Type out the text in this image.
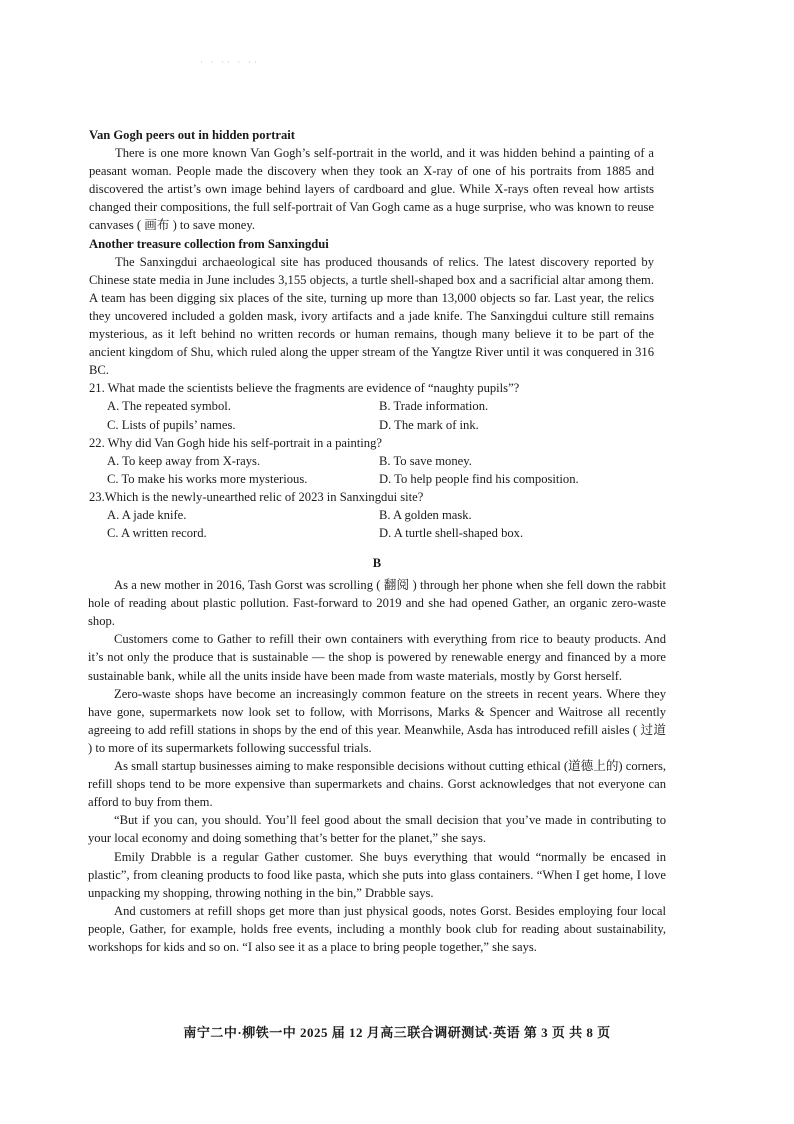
˙ ˙ ˙˙ ˙ ˙˙

Van Gogh peers out in hidden portrait

There is one more known Van Gogh’s self-portrait in the world, and it was hidden behind a painting of a peasant woman. People made the discovery when they took an X-ray of one of his portraits from 1885 and discovered the artist’s own image behind layers of cardboard and glue. While X-rays often reveal how artists changed their compositions, the full self-portrait of Van Gogh came as a huge surprise, who was known to reuse canvases ( 画布 ) to save money.

Another treasure collection from Sanxingdui

The Sanxingdui archaeological site has produced thousands of relics. The latest discovery reported by Chinese state media in June includes 3,155 objects, a turtle shell-shaped box and a sacrificial altar among them. A team has been digging six places of the site, turning up more than 13,000 objects so far. Last year, the relics they uncovered included a golden mask, ivory artifacts and a jade knife. The Sanxingdui culture still remains mysterious, as it left behind no written records or human remains, though many believe it to be part of the ancient kingdom of Shu, which ruled along the upper stream of the Yangtze River until it was conquered in 316 BC.

21. What made the scientists believe the fragments are evidence of “naughty pupils”?

A. The repeated symbol.	B. Trade information.

C. Lists of pupils’ names.	D. The mark of ink.

22. Why did Van Gogh hide his self-portrait in a painting?

A. To keep away from X-rays.	B. To save money.

C. To make his works more mysterious.	D. To help people find his composition.

23.Which is the newly-unearthed relic of 2023 in Sanxingdui site?

A. A jade knife.	B. A golden mask.

C. A written record.	D. A turtle shell-shaped box.

B

As a new mother in 2016, Tash Gorst was scrolling ( 翻阅 ) through her phone when she fell down the rabbit hole of reading about plastic pollution. Fast-forward to 2019 and she had opened Gather, an organic zero-waste shop.

Customers come to Gather to refill their own containers with everything from rice to beauty products. And it’s not only the produce that is sustainable — the shop is powered by renewable energy and financed by a more sustainable bank, while all the units inside have been made from waste materials, mostly by Gorst herself.

Zero-waste shops have become an increasingly common feature on the streets in recent years. Where they have gone, supermarkets now look set to follow, with Morrisons, Marks & Spencer and Waitrose all recently agreeing to add refill stations in shops by the end of this year. Meanwhile, Asda has introduced refill aisles ( 过道 ) to more of its supermarkets following successful trials.

As small startup businesses aiming to make responsible decisions without cutting ethical (道德上的) corners, refill shops tend to be more expensive than supermarkets and chains. Gorst acknowledges that not everyone can afford to buy from them.

“But if you can, you should. You’ll feel good about the small decision that you’ve made in contributing to your local economy and doing something that’s better for the planet,” she says.

Emily Drabble is a regular Gather customer. She buys everything that would “normally be encased in plastic”, from cleaning products to food like pasta, which she puts into glass containers. “When I get home, I love unpacking my shopping, throwing nothing in the bin,” Drabble says.

And customers at refill shops get more than just physical goods, notes Gorst. Besides employing four local people, Gather, for example, holds free events, including a monthly book club for reading about sustainability, workshops for kids and so on. “I also see it as a place to bring people together,” she says.

南宁二中·柳铁一中 2025 届 12 月高三联合调研测试·英语 第 3 页 共 8 页
